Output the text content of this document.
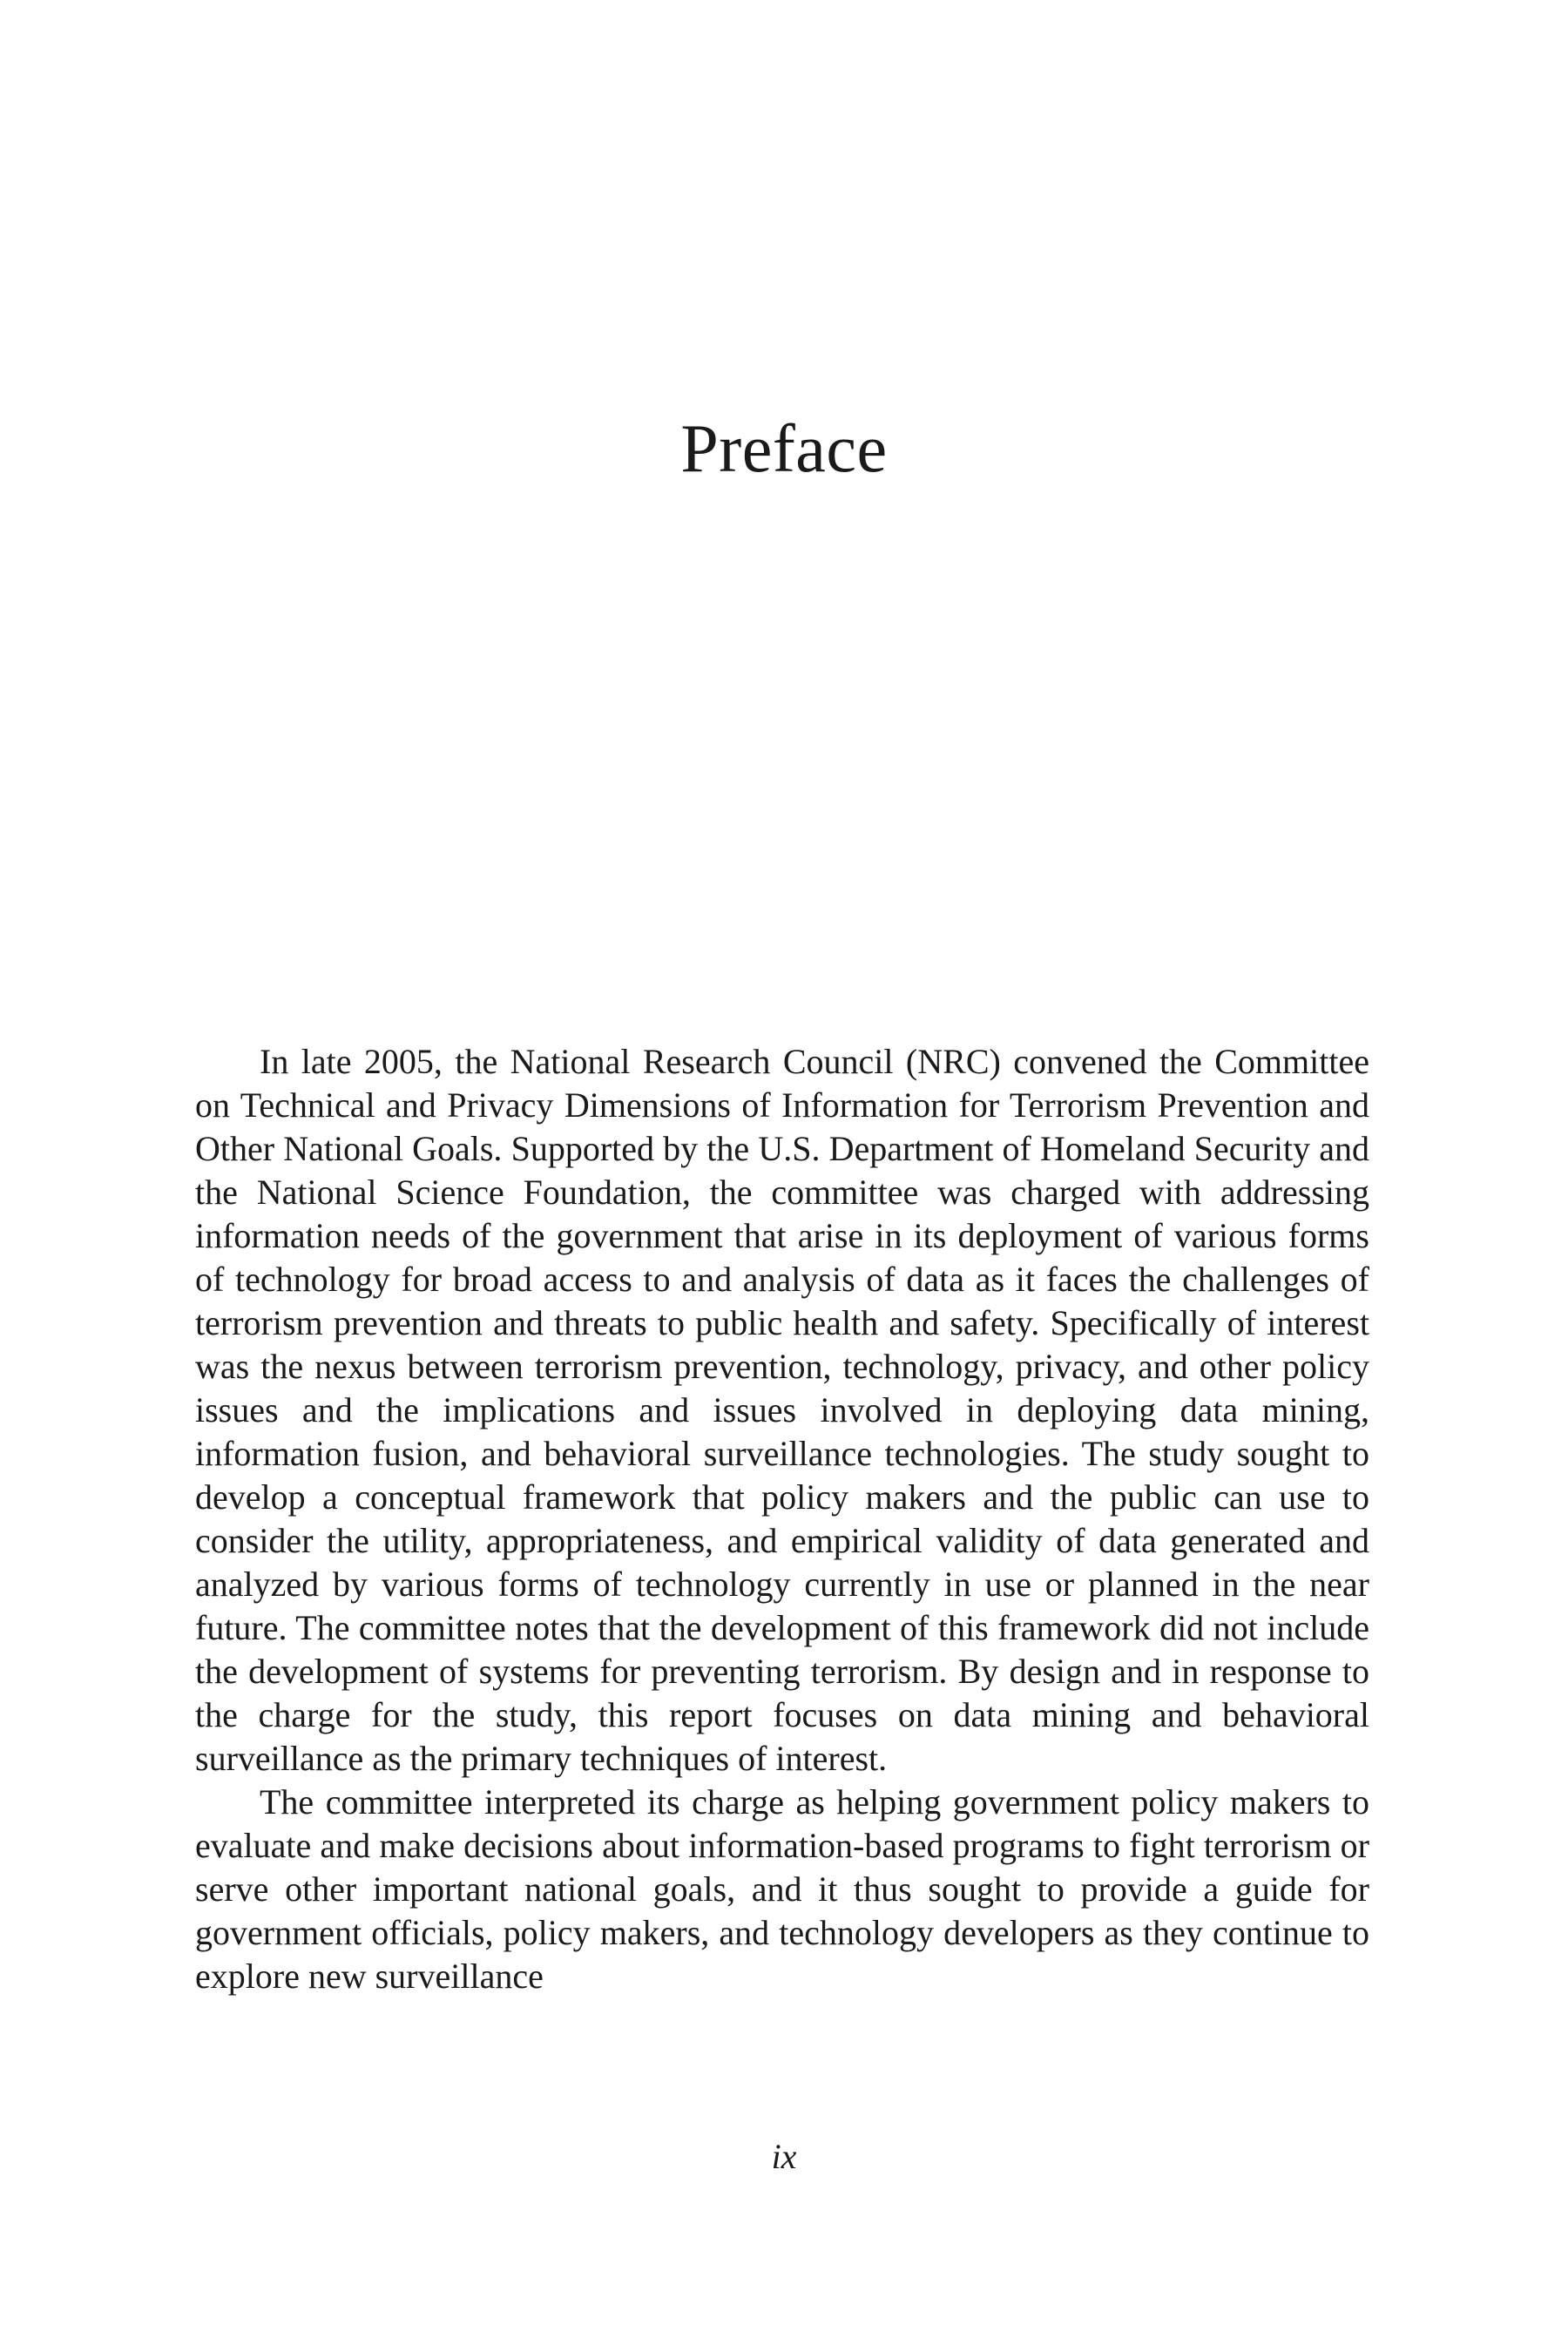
Preface

In late 2005, the National Research Council (NRC) convened the Committee on Technical and Privacy Dimensions of Information for Terrorism Prevention and Other National Goals. Supported by the U.S. Department of Homeland Security and the National Science Foundation, the committee was charged with addressing information needs of the government that arise in its deployment of various forms of technology for broad access to and analysis of data as it faces the challenges of terrorism prevention and threats to public health and safety. Specifically of interest was the nexus between terrorism prevention, technology, privacy, and other policy issues and the implications and issues involved in deploying data mining, information fusion, and behavioral surveillance technologies. The study sought to develop a conceptual framework that policy makers and the public can use to consider the utility, appropriateness, and empirical validity of data generated and analyzed by various forms of technology currently in use or planned in the near future. The committee notes that the development of this framework did not include the development of systems for preventing terrorism. By design and in response to the charge for the study, this report focuses on data mining and behavioral surveillance as the primary techniques of interest.

The committee interpreted its charge as helping government policy makers to evaluate and make decisions about information-based programs to fight terrorism or serve other important national goals, and it thus sought to provide a guide for government officials, policy makers, and technology developers as they continue to explore new surveillance

ix
